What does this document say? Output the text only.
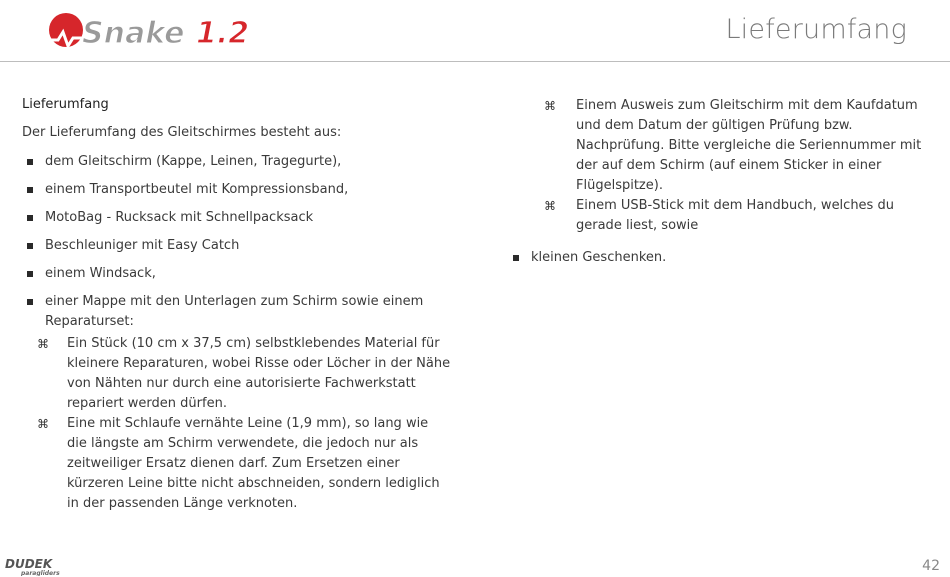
Snake 1.2	Lieferumfang

Lieferumfang

Der Lieferumfang des Gleitschirmes besteht aus:

dem Gleitschirm (Kappe, Leinen, Tragegurte),
einem Transportbeutel mit Kompressionsband,
MotoBag - Rucksack mit Schnellpacksack
Beschleuniger mit Easy Catch
einem Windsack,
einer Mappe mit den Unterlagen zum Schirm sowie einem Reparaturset:
⌘ Ein Stück (10 cm x 37,5 cm) selbstklebendes Material für kleinere Reparaturen, wobei Risse oder Löcher in der Nähe von Nähten nur durch eine autorisierte Fachwerkstatt repariert werden dürfen.
⌘ Eine mit Schlaufe vernähte Leine (1,9 mm), so lang wie die längste am Schirm verwendete, die jedoch nur als zeitweiliger Ersatz dienen darf. Zum Ersetzen einer kürzeren Leine bitte nicht abschneiden, sondern lediglich in der passenden Länge verknoten.
⌘ Einem Ausweis zum Gleitschirm mit dem Kaufdatum und dem Datum der gültigen Prüfung bzw. Nachprüfung. Bitte vergleiche die Seriennummer mit der auf dem Schirm (auf einem Sticker in einer Flügelspitze).
⌘ Einem USB-Stick mit dem Handbuch, welches du gerade liest, sowie
kleinen Geschenken.
DUDEK
paragliders	42
